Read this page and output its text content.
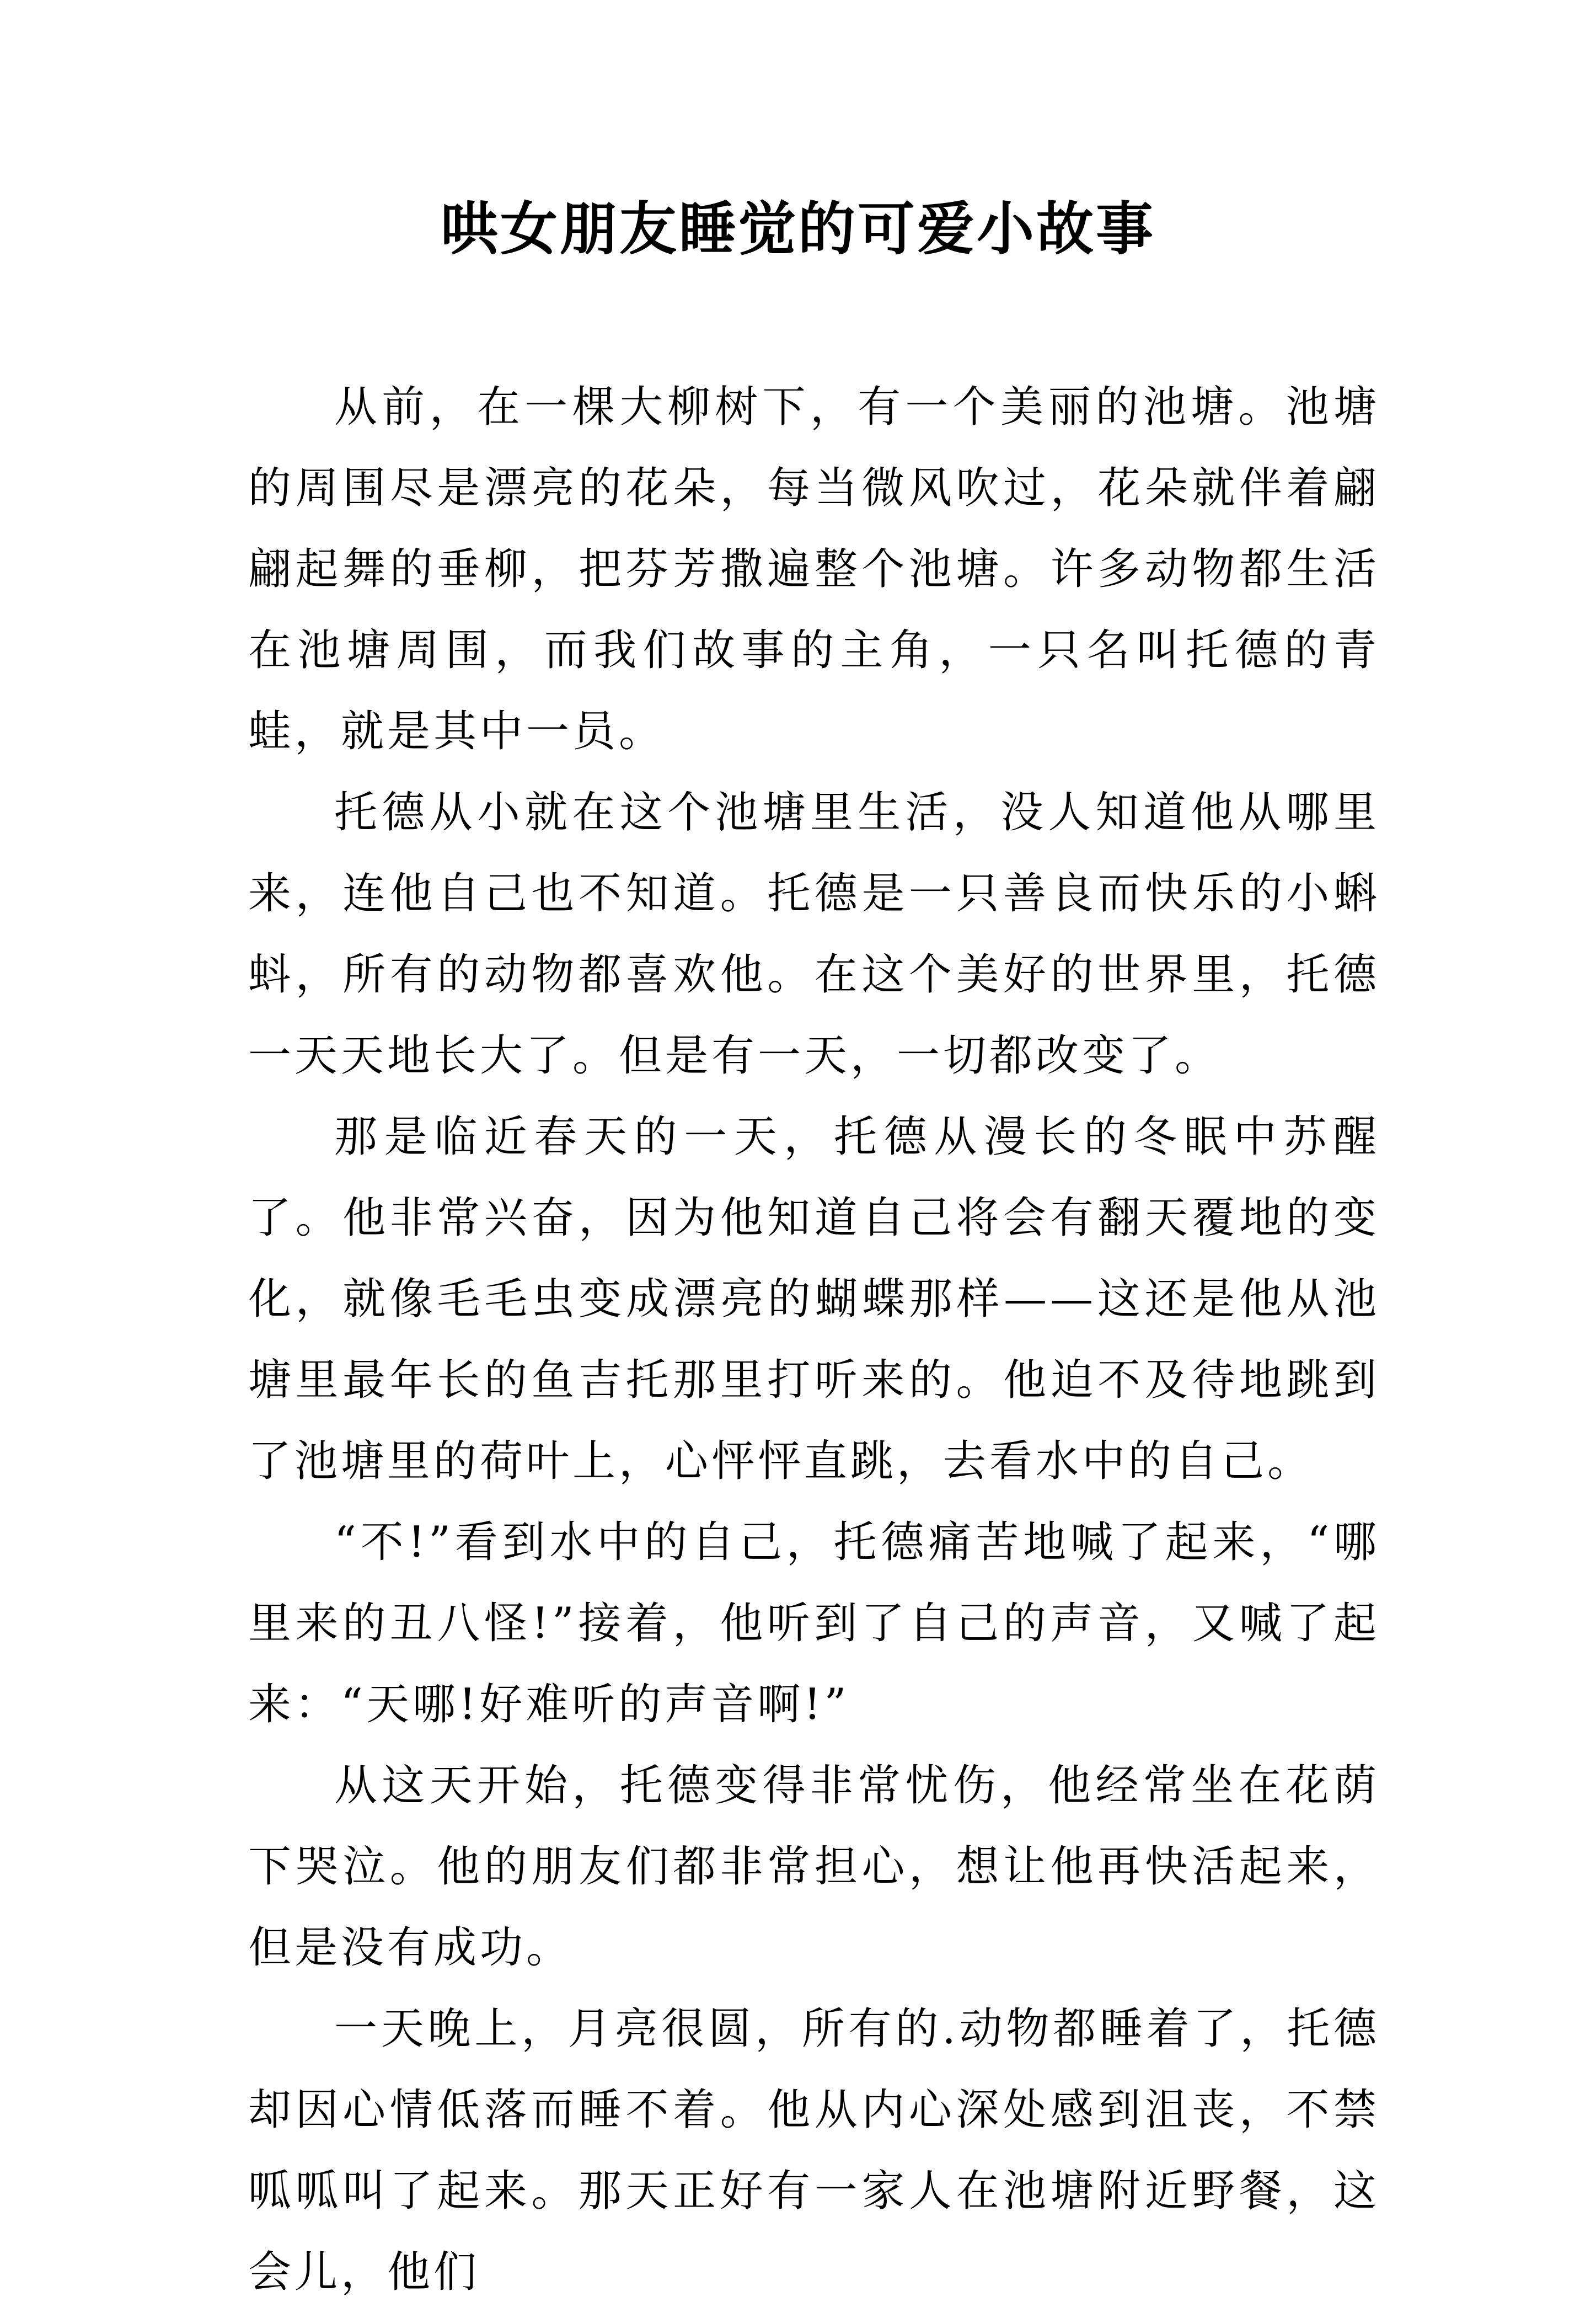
哄女朋友睡觉的可爱小故事

从前，在一棵大柳树下，有一个美丽的池塘。池塘的周围尽是漂亮的花朵，每当微风吹过，花朵就伴着翩翩起舞的垂柳，把芬芳撒遍整个池塘。许多动物都生活在池塘周围，而我们故事的主角，一只名叫托德的青蛙，就是其中一员。

托德从小就在这个池塘里生活，没人知道他从哪里来，连他自己也不知道。托德是一只善良而快乐的小蝌蚪，所有的动物都喜欢他。在这个美好的世界里，托德一天天地长大了。但是有一天，一切都改变了。

那是临近春天的一天，托德从漫长的冬眠中苏醒了。他非常兴奋，因为他知道自己将会有翻天覆地的变化，就像毛毛虫变成漂亮的蝴蝶那样——这还是他从池塘里最年长的鱼吉托那里打听来的。他迫不及待地跳到了池塘里的荷叶上，心怦怦直跳，去看水中的自己。

“不!”看到水中的自己，托德痛苦地喊了起来，“哪里来的丑八怪!”接着，他听到了自己的声音，又喊了起来：“天哪!好难听的声音啊!”

从这天开始，托德变得非常忧伤，他经常坐在花荫下哭泣。他的朋友们都非常担心，想让他再快活起来，但是没有成功。

一天晚上，月亮很圆，所有的.动物都睡着了，托德却因心情低落而睡不着。他从内心深处感到沮丧，不禁呱呱叫了起来。那天正好有一家人在池塘附近野餐，这会儿，他们
